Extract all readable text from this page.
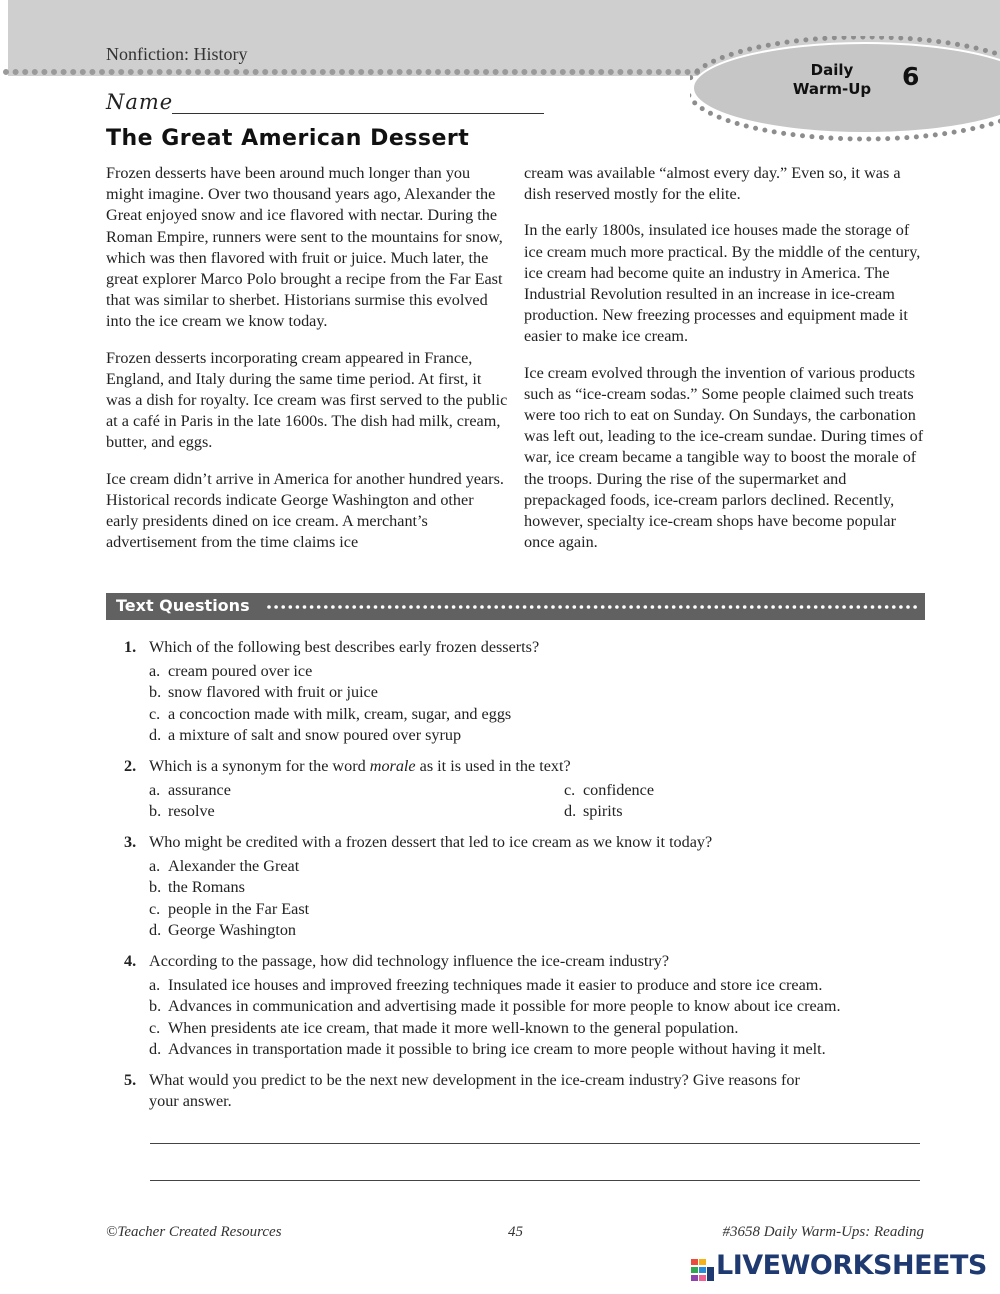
Nonfiction: History
Daily
Warm-Up	6
Name
The Great American Dessert

Frozen desserts have been around much longer than you might imagine. Over two thousand years ago, Alexander the Great enjoyed snow and ice flavored with nectar. During the Roman Empire, runners were sent to the mountains for snow, which was then flavored with fruit or juice. Much later, the great explorer Marco Polo brought a recipe from the Far East that was similar to sherbet. Historians surmise this evolved into the ice cream we know today.

Frozen desserts incorporating cream appeared in France, England, and Italy during the same time period. At first, it was a dish for royalty. Ice cream was first served to the public at a café in Paris in the late 1600s. The dish had milk, cream, butter, and eggs.

Ice cream didn’t arrive in America for another hundred years. Historical records indicate George Washington and other early presidents dined on ice cream. A merchant’s advertisement from the time claims ice

cream was available “almost every day.” Even so, it was a dish reserved mostly for the elite.

In the early 1800s, insulated ice houses made the storage of ice cream much more practical. By the middle of the century, ice cream had become quite an industry in America. The Industrial Revolution resulted in an increase in ice-cream production. New freezing processes and equipment made it easier to make ice cream.

Ice cream evolved through the invention of various products such as “ice-cream sodas.” Some people claimed such treats were too rich to eat on Sunday. On Sundays, the carbonation was left out, leading to the ice-cream sundae. During times of war, ice cream became a tangible way to boost the morale of the troops. During the rise of the supermarket and prepackaged foods, ice-cream parlors declined. Recently, however, specialty ice-cream shops have become popular once again.

Text Questions
1. Which of the following best describes early frozen desserts?
a. cream poured over ice
b. snow flavored with fruit or juice
c. a concoction made with milk, cream, sugar, and eggs
d. a mixture of salt and snow poured over syrup
2. Which is a synonym for the word morale as it is used in the text?
a. assurance	c. confidence
b. resolve	d. spirits
3. Who might be credited with a frozen dessert that led to ice cream as we know it today?
a. Alexander the Great
b. the Romans
c. people in the Far East
d. George Washington
4. According to the passage, how did technology influence the ice-cream industry?
a. Insulated ice houses and improved freezing techniques made it easier to produce and store ice cream.
b. Advances in communication and advertising made it possible for more people to know about ice cream.
c. When presidents ate ice cream, that made it more well-known to the general population.
d. Advances in transportation made it possible to bring ice cream to more people without having it melt.
5. What would you predict to be the next new development in the ice-cream industry? Give reasons for
your answer.
©Teacher Created Resources	45	#3658 Daily Warm-Ups: Reading
LIVEWORKSHEETS
